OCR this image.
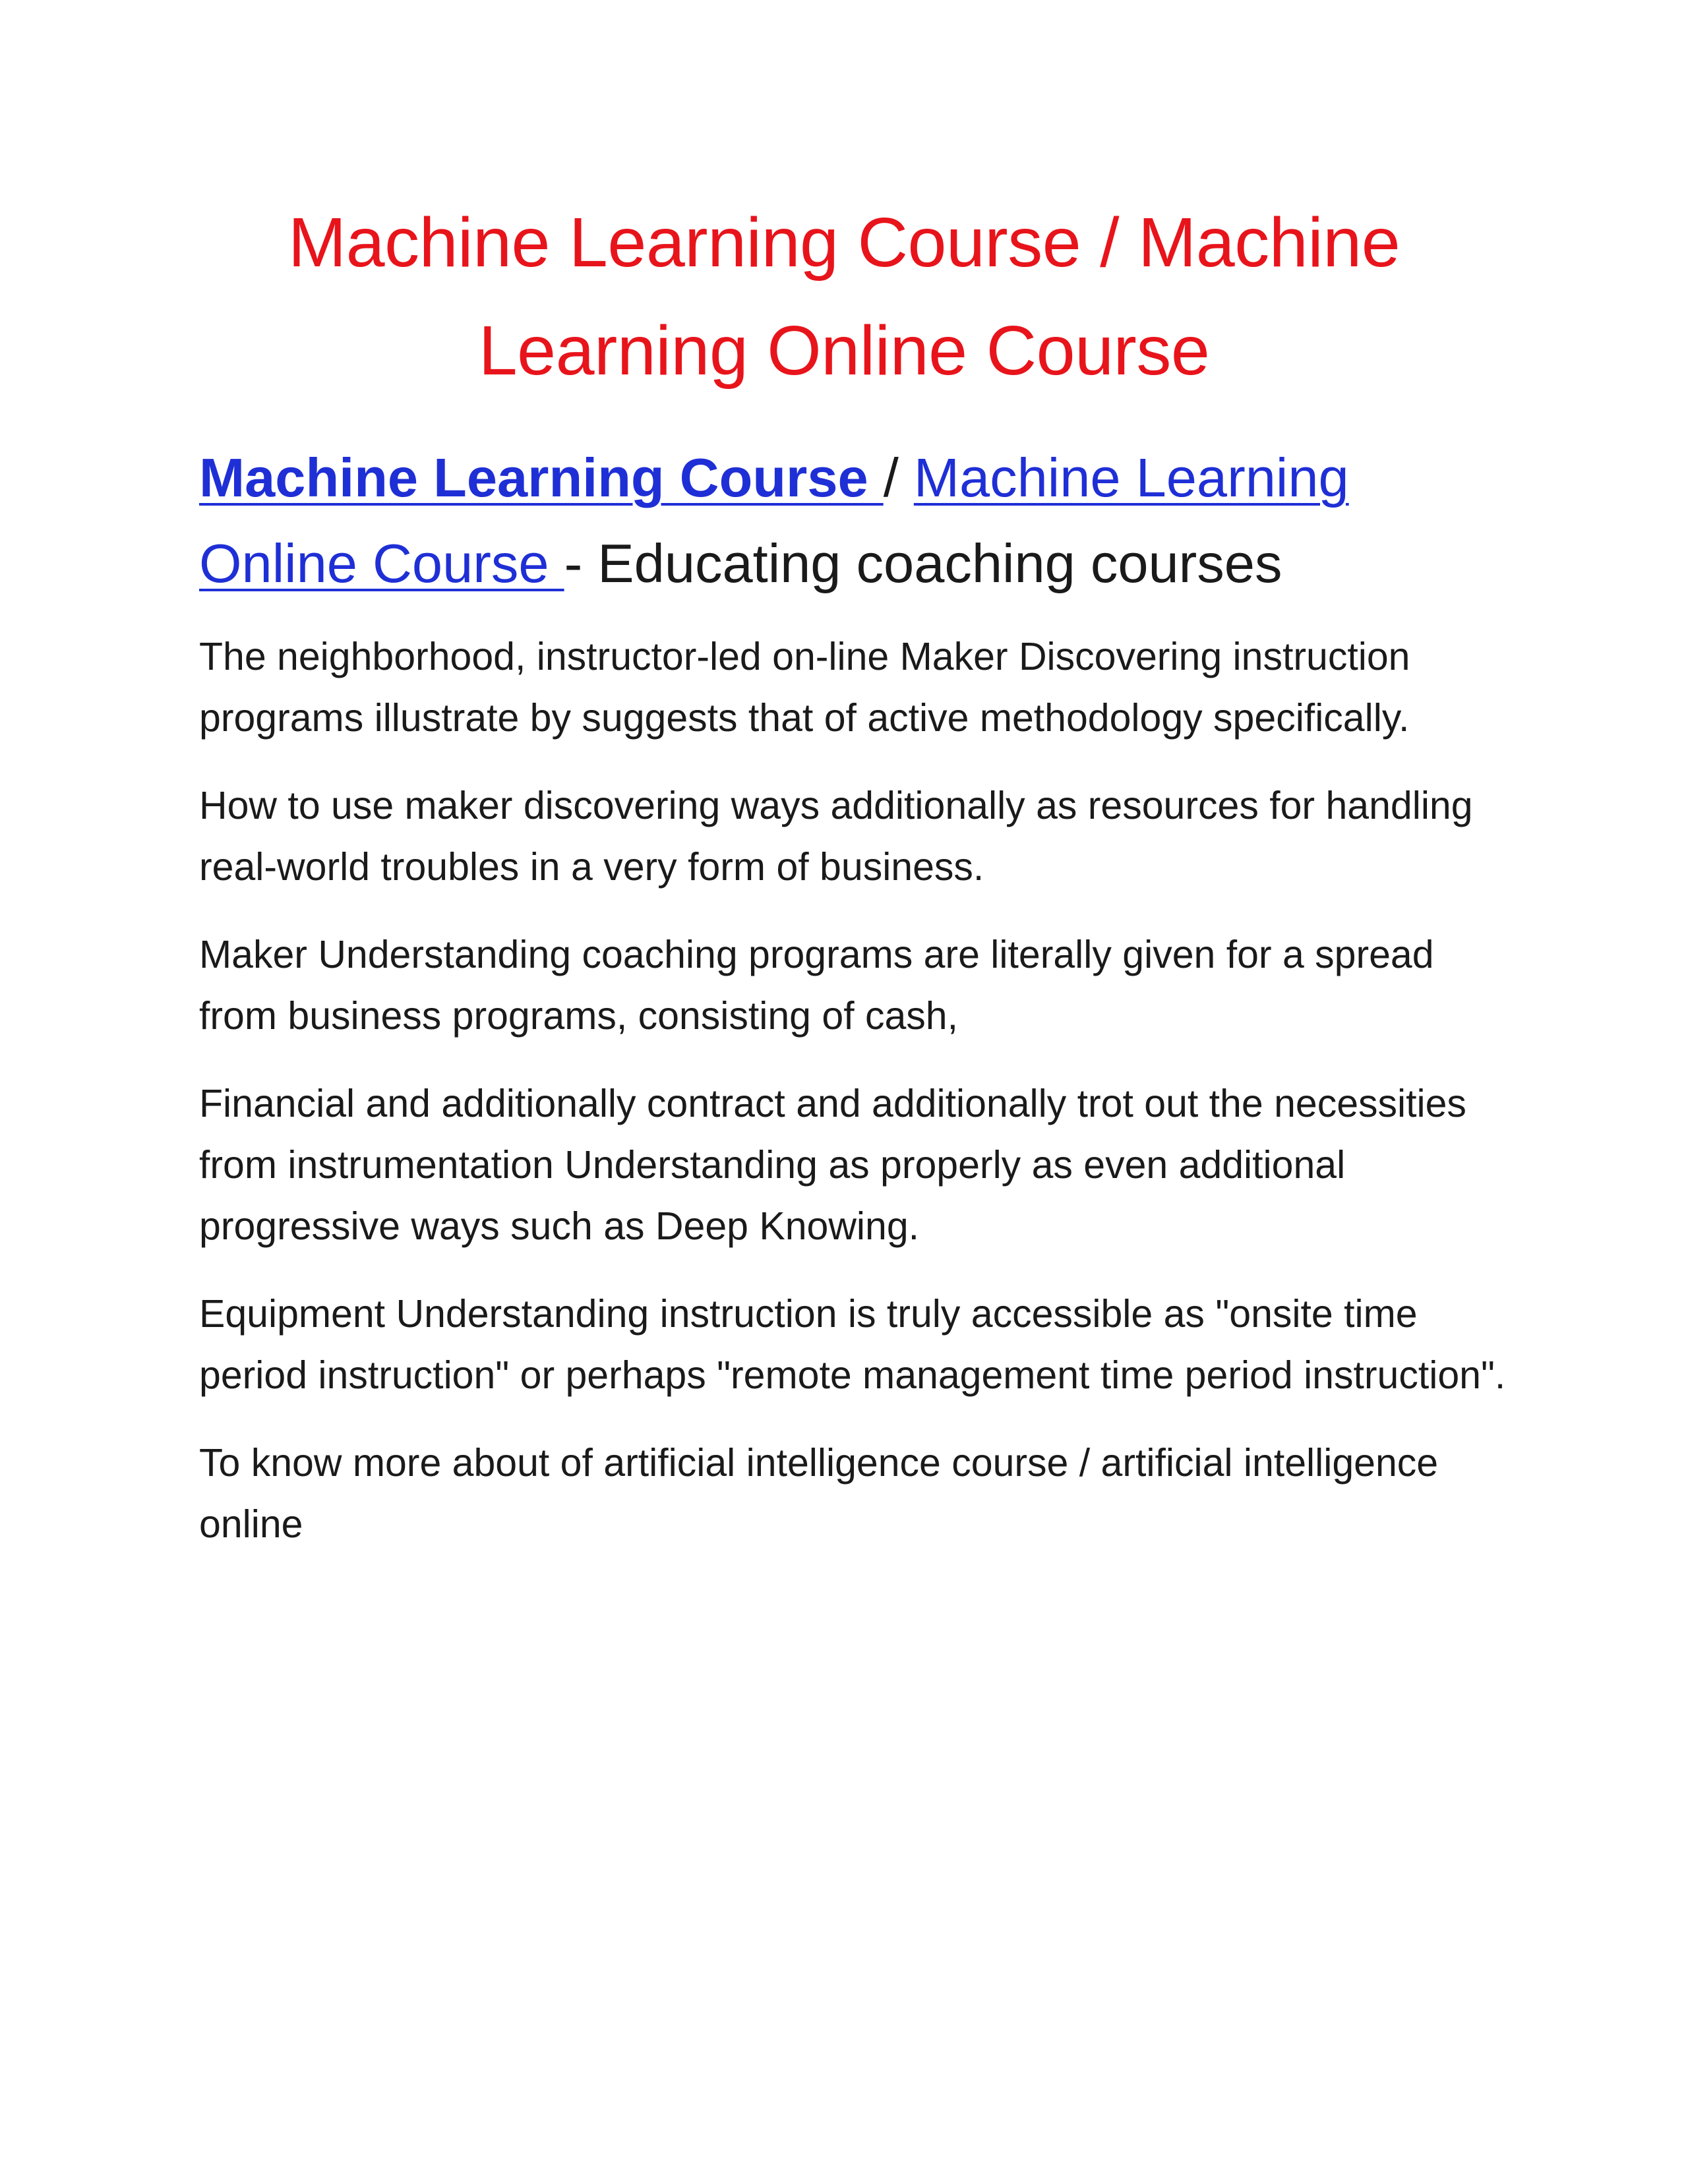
Machine Learning Course / Machine Learning Online Course
Machine Learning Course / Machine Learning Online Course - Educating coaching courses

The neighborhood, instructor-led on-line Maker Discovering instruction programs illustrate by suggests that of active methodology specifically.

How to use maker discovering ways additionally as resources for handling real-world troubles in a very form of business.

Maker Understanding coaching programs are literally given for a spread from business programs, consisting of cash,

Financial and additionally contract and additionally trot out the necessities from instrumentation Understanding as properly as even additional progressive ways such as Deep Knowing.

Equipment Understanding instruction is truly accessible as "onsite time period instruction" or perhaps "remote management time period instruction".

To know more about of artificial intelligence course / artificial intelligence online
